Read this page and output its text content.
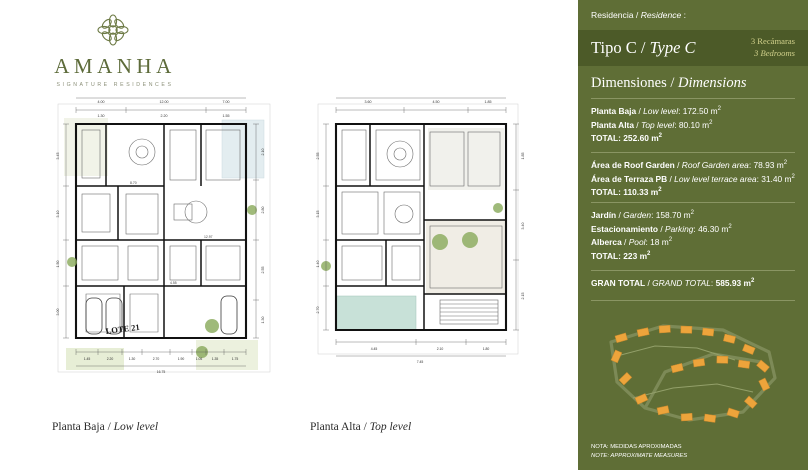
AMANHA
SIGNATURE RESIDENCES
4.00	12.00	7.00
1.30	2.20	1.55
3.45
3.10
1.50
3.00
2.10
2.80
2.55
1.30
8.70
12.97
4.55
1.45	2.20	1.30	2.70	1.90	1.05	1.35	1.75
16.75
LOTE 21
3.60	4.50	1.85
2.55
3.15
1.40
2.70
1.85
3.40
2.15
4.45	2.10	1.80
7.45
Planta Baja / Low level	Planta Alta / Top level
Residencia / Residence :
Tipo C / Type C	3 Recámaras
3 Bedrooms
Dimensiones / Dimensions
Planta Baja / Low level: 172.50 $m^2$
Planta Alta / Top level: 80.10 $m^2$
TOTAL: 252.60 $m^2$
Área de Roof Garden / Roof Garden area: 78.93 $m^2$
Área de Terraza PB / Low level terrace area: 31.40 $m^2$
TOTAL: 110.33 $m^2$
Jardín / Garden: 158.70 $m^2$
Estacionamiento / Parking: 46.30 $m^2$
Alberca / Pool: 18 $m^2$
TOTAL: 223 $m^2$
GRAN TOTAL / GRAND TOTAL: 585.93 $m^2$
NOTA: MEDIDAS APROXIMADAS
NOTE: APPROXIMATE MEASURES
